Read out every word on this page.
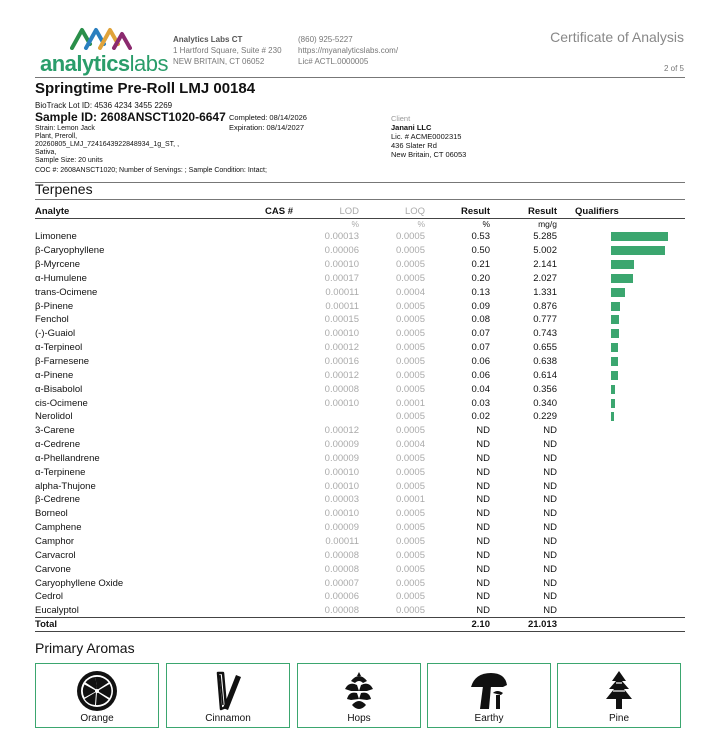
analyticslabs
Analytics Labs CT
1 Hartford Square, Suite # 230
NEW BRITAIN, CT 06052
(860) 925-5227
https://myanalyticslabs.com/
Lic# ACTL.0000005
Certificate of Analysis
2 of 5
Springtime Pre-Roll LMJ 00184
BioTrack Lot ID: 4536 4234 3455 2269
Sample ID: 2608ANSCT1020-6647
Strain: Lemon Jack
Plant, Preroll,
20260805_LMJ_7241643922848934_1g_ST, ,
Sativa,
Sample Size: 20 units
Completed: 08/14/2026
Expiration: 08/14/2027
Client
Janani LLC
Lic. # ACME0002315
436 Slater Rd
New Britain, CT 06053
COC #: 2608ANSCT1020; Number of Servings: ; Sample Condition: Intact;
Terpenes
Analyte	CAS #	LOD	LOQ	Result	Result	Qualifiers
		%	%	%	mg/g	
Limonene		0.00013	0.0005	0.53	5.285	

β-Caryophyllene		0.00006	0.0005	0.50	5.002	

β-Myrcene		0.00010	0.0005	0.21	2.141	

α-Humulene		0.00017	0.0005	0.20	2.027	

trans-Ocimene		0.00011	0.0004	0.13	1.331	

β-Pinene		0.00011	0.0005	0.09	0.876	

Fenchol		0.00015	0.0005	0.08	0.777	

(-)-Guaiol		0.00010	0.0005	0.07	0.743	

α-Terpineol		0.00012	0.0005	0.07	0.655	

β-Farnesene		0.00016	0.0005	0.06	0.638	

α-Pinene		0.00012	0.0005	0.06	0.614	

α-Bisabolol		0.00008	0.0005	0.04	0.356	

cis-Ocimene		0.00010	0.0001	0.03	0.340	

Nerolidol			0.0005	0.02	0.229	

3-Carene		0.00012	0.0005	ND	ND	
α-Cedrene		0.00009	0.0004	ND	ND	
α-Phellandrene		0.00009	0.0005	ND	ND	
α-Terpinene		0.00010	0.0005	ND	ND	
alpha-Thujone		0.00010	0.0005	ND	ND	
β-Cedrene		0.00003	0.0001	ND	ND	
Borneol		0.00010	0.0005	ND	ND	
Camphene		0.00009	0.0005	ND	ND	
Camphor		0.00011	0.0005	ND	ND	
Carvacrol		0.00008	0.0005	ND	ND	
Carvone		0.00008	0.0005	ND	ND	
Caryophyllene Oxide		0.00007	0.0005	ND	ND	
Cedrol		0.00006	0.0005	ND	ND	
Eucalyptol		0.00008	0.0005	ND	ND	
Total				2.10	21.013	
Primary Aromas
Orange	Cinnamon	Hops	Earthy	Pine
